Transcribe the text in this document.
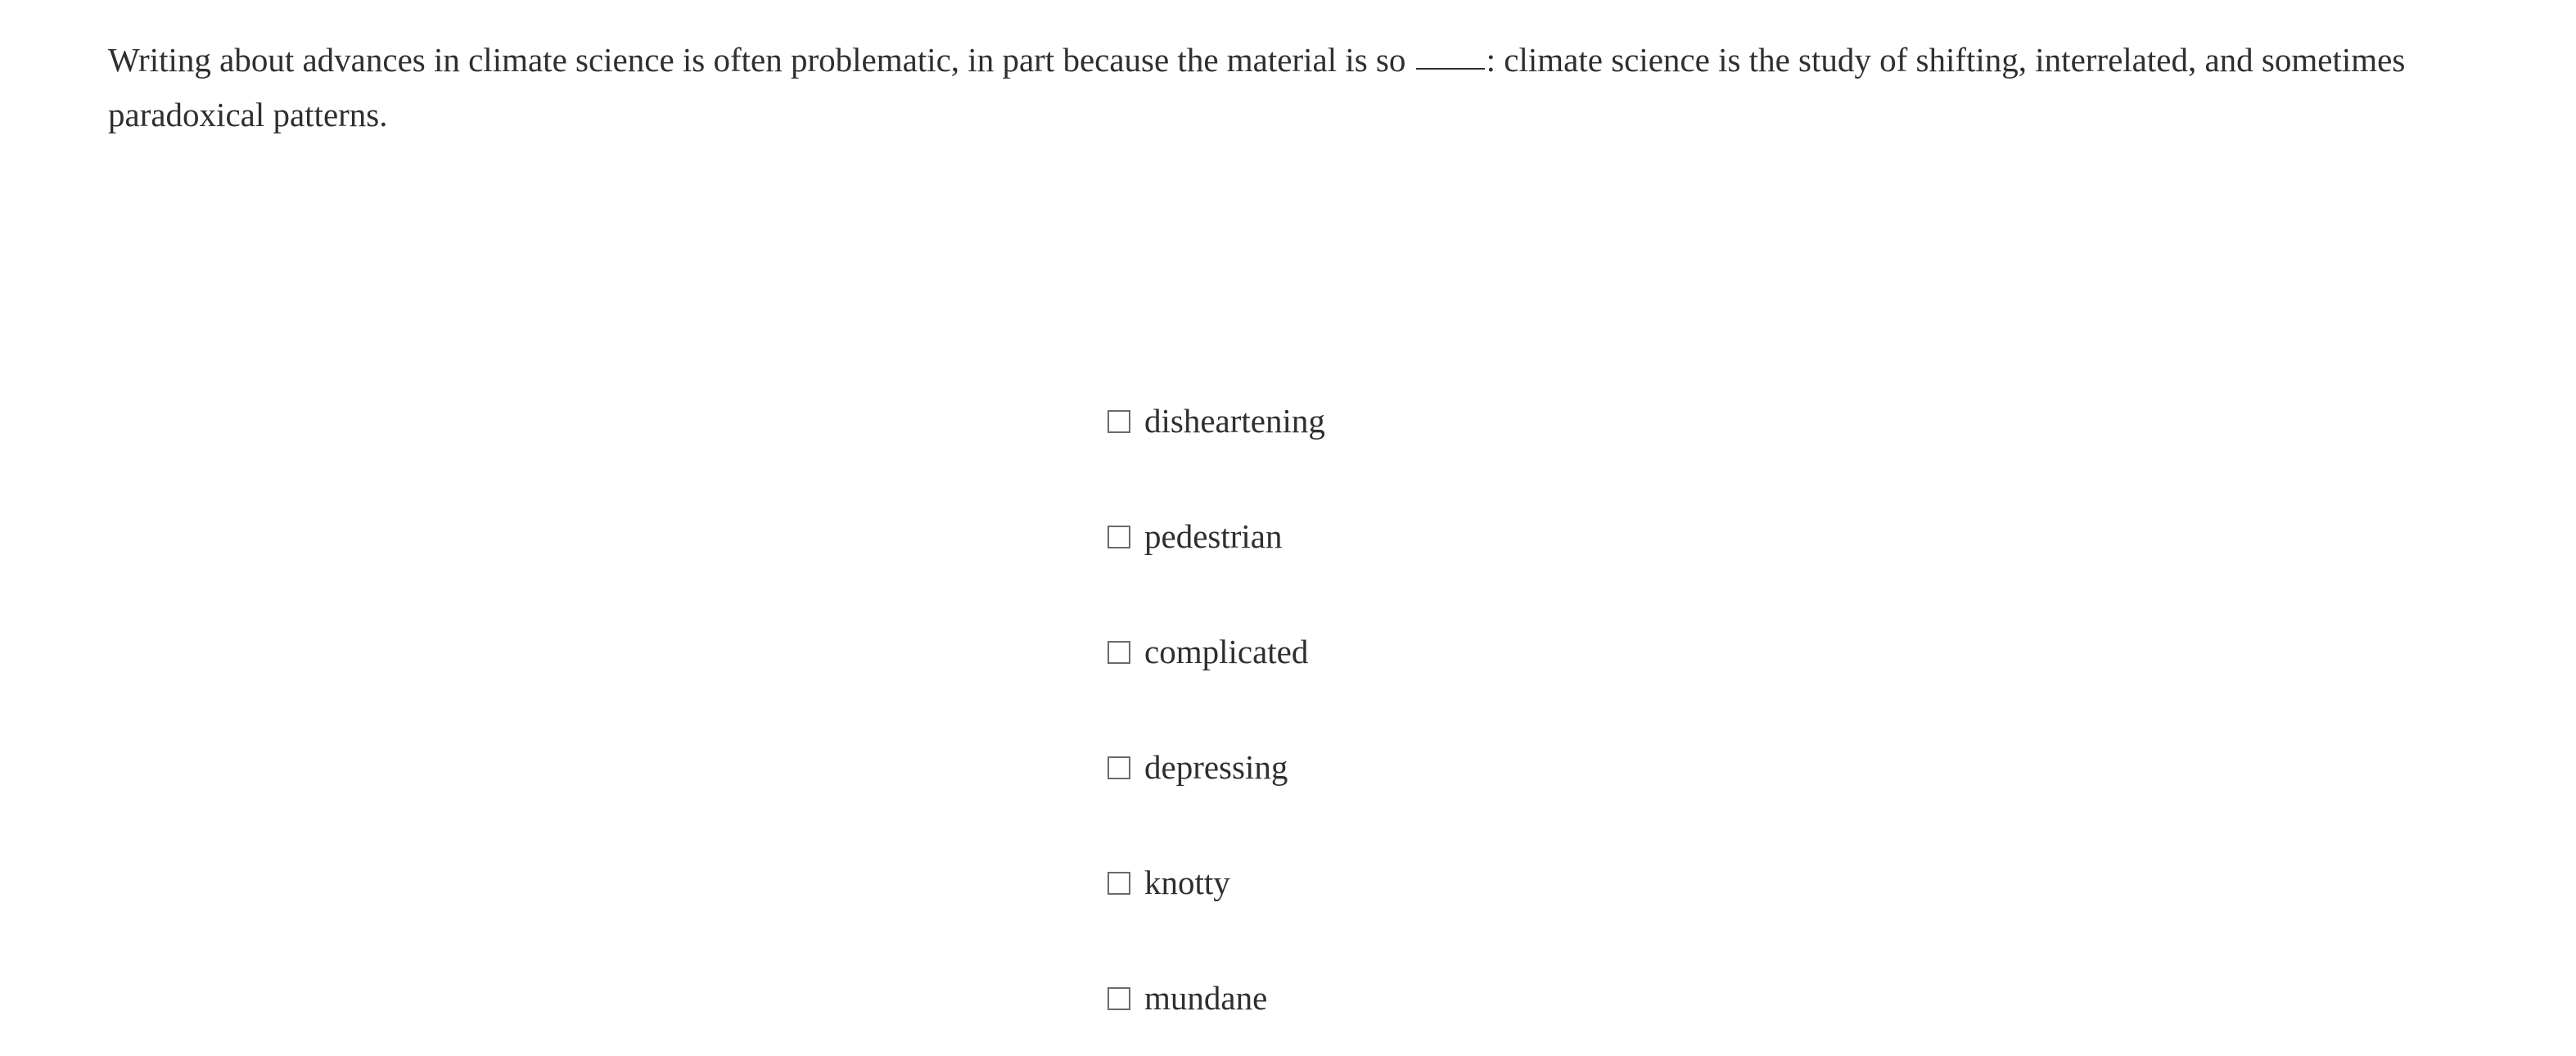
Writing about advances in climate science is often problematic, in part because the material is so : climate science is the study of shifting, interrelated, and sometimes paradoxical patterns.
disheartening
pedestrian
complicated
depressing
knotty
mundane
